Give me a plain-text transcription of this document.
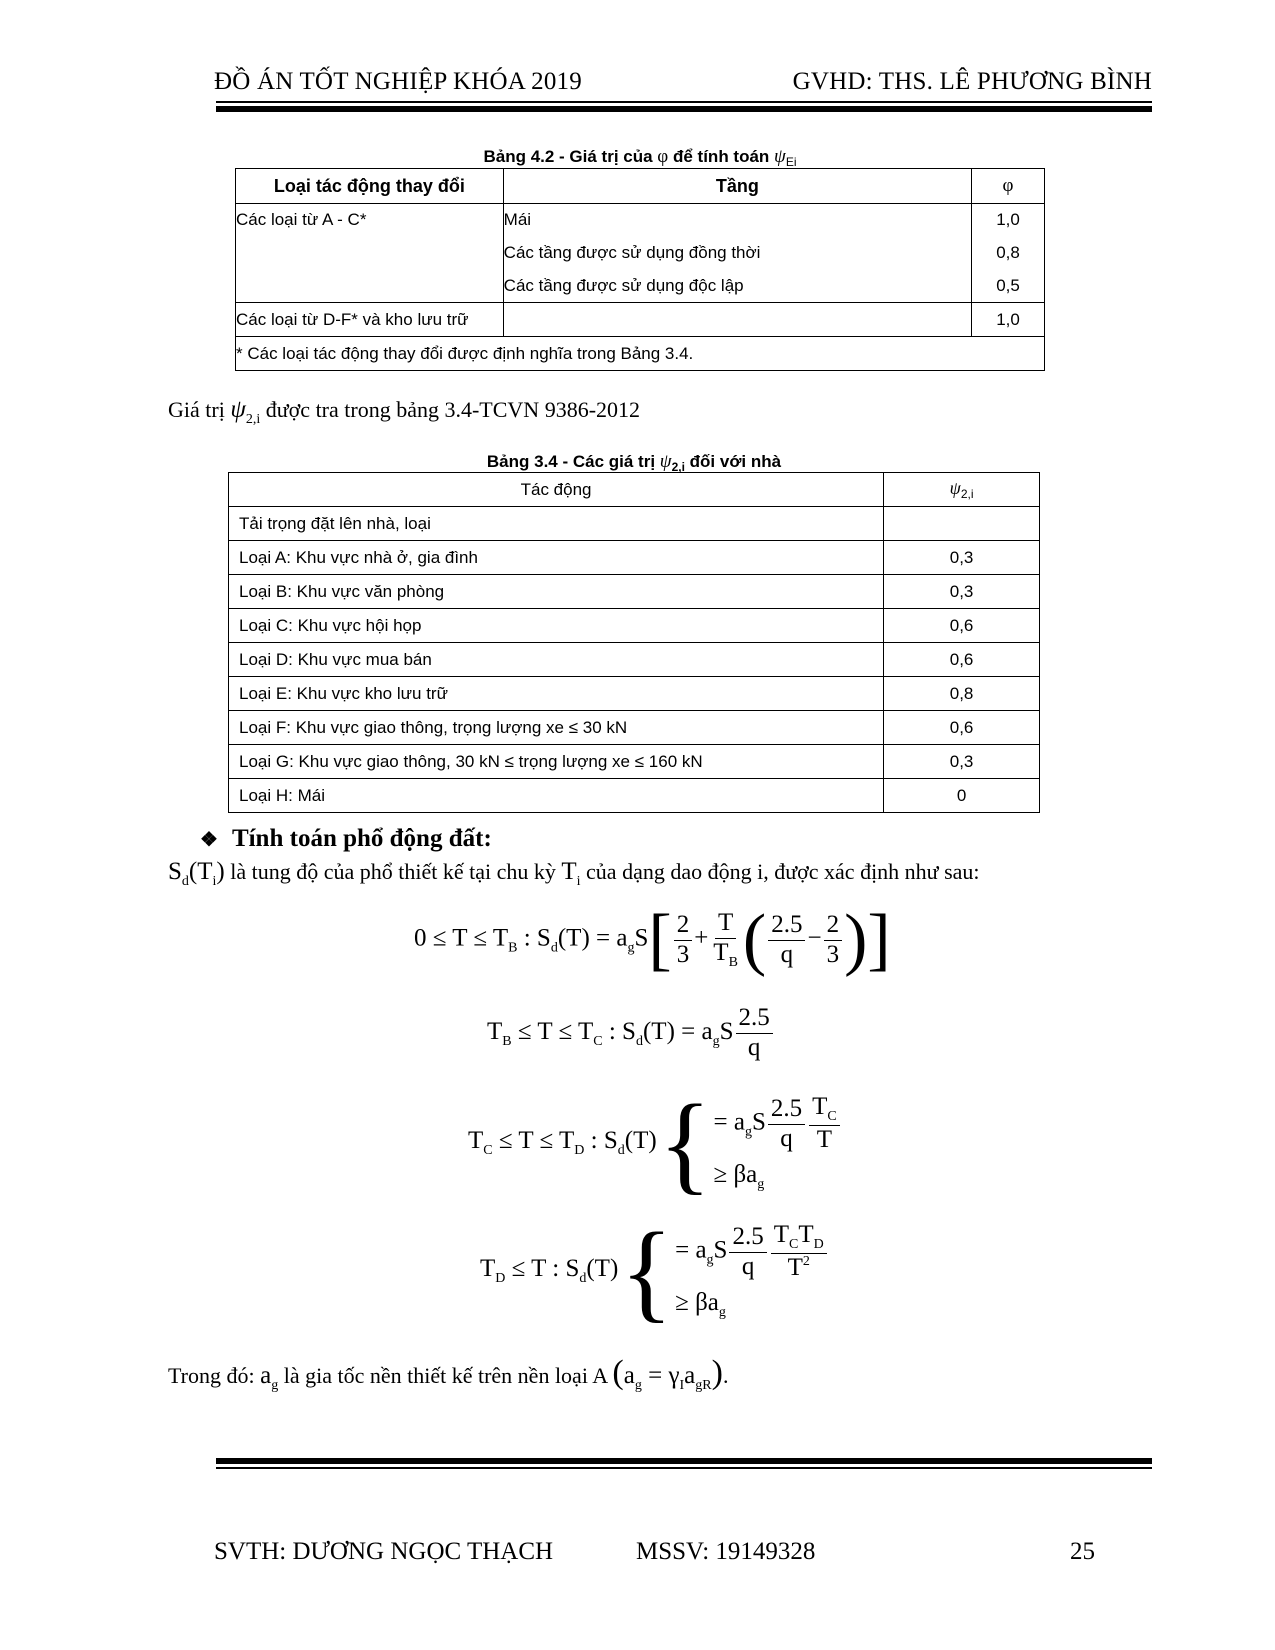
ĐỒ ÁN TỐT NGHIỆP KHÓA 2019	GVHD: THS. LÊ PHƯƠNG BÌNH
Bảng 4.2 - Giá trị của φ để tính toán $\psi_{Ei}$
Loại tác động thay đổi	Tầng	φ
Các loại từ A - C*	Mái	1,0
	Các tầng được sử dụng đồng thời	0,8
	Các tầng được sử dụng độc lập	0,5
Các loại từ D-F* và kho lưu trữ		1,0
* Các loại tác động thay đổi được định nghĩa trong Bảng 3.4.		
Giá trị $\psi_{2,i}$ được tra trong bảng 3.4-TCVN 9386-2012
Bảng 3.4 - Các giá trị $\psi_{2,i}$ đối với nhà
Tác động	$\psi_{2,i}$
Tải trọng đặt lên nhà, loại	
Loại A: Khu vực nhà ở, gia đình	0,3
Loại B: Khu vực văn phòng	0,3
Loại C: Khu vực hội họp	0,6
Loại D: Khu vực mua bán	0,6
Loại E: Khu vực kho lưu trữ	0,8
Loại F: Khu vực giao thông, trọng lượng xe ≤ 30 kN	0,6
Loại G: Khu vực giao thông, 30 kN ≤ trọng lượng xe ≤ 160 kN	0,3
Loại H: Mái	0
❖ Tính toán phổ động đất:
$S_d(T_i)$ là tung độ của phổ thiết kế tại chu kỳ $T_i$ của dạng dao động i, được xác định như sau:
$0 \le T \le T_B$ : $S_d(T) = a_gS[ \frac{2}{3} + \frac{T}{T_B}$ ( $\frac{2.5}{q} - \frac{2}{3}$ )]
$T_B \le T \le T_C$ : $S_d(T) = a_gS \frac{2.5}{q}$
$T_C \le T \le T_D$ : $S_d(T)$ { = $a_gS \frac{2.5}{q} \frac{T_C}{T}$
≥ $\beta a_g$
$T_D \le T$ : $S_d(T)$ { = $a_gS \frac{2.5}{q} \frac{T_CT_D}{T^2}$
≥ $\beta a_g$
Trong đó: $a_g$ là gia tốc nền thiết kế trên nền loại A $(a_g = \gamma_Ia_{gR})$.
SVTH: DƯƠNG NGỌC THẠCH	MSSV: 19149328	25
